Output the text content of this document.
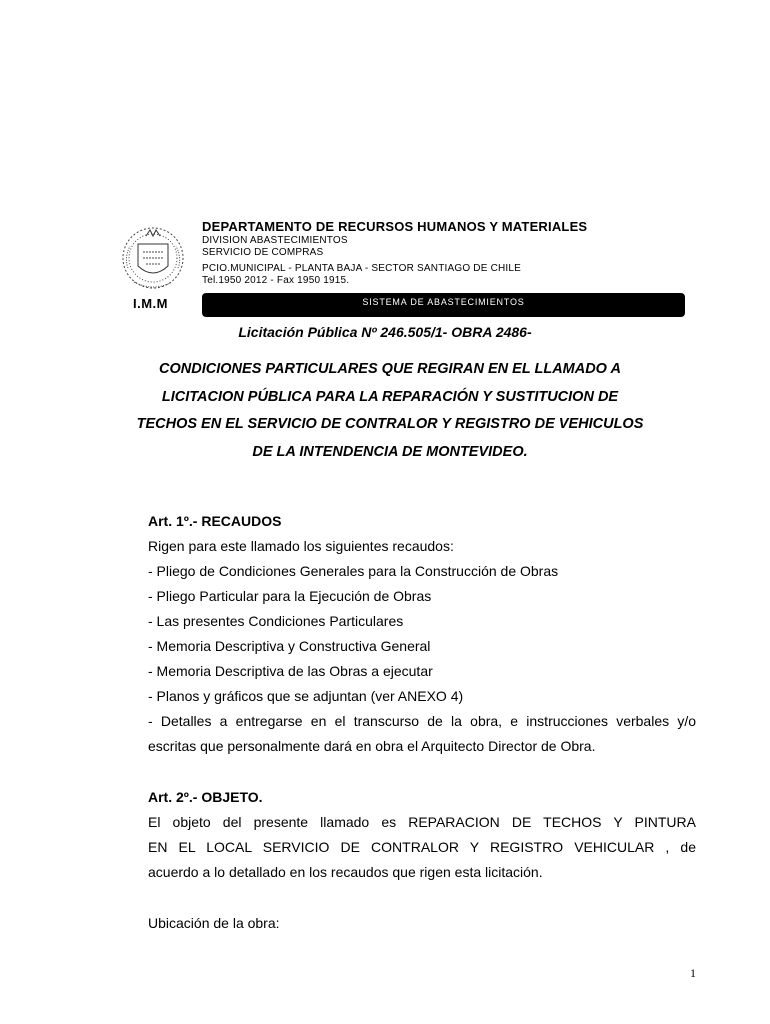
I.M.M
DEPARTAMENTO DE RECURSOS HUMANOS Y MATERIALES
DIVISION ABASTECIMIENTOS
SERVICIO DE COMPRAS
PCIO.MUNICIPAL - PLANTA BAJA - SECTOR SANTIAGO DE CHILE
Tel.1950 2012 - Fax 1950 1915.
SISTEMA DE ABASTECIMIENTOS
Licitación Pública Nº 246.505/1- OBRA 2486-
CONDICIONES PARTICULARES QUE REGIRAN EN EL LLAMADO A
LICITACION PÚBLICA PARA LA REPARACIÓN Y SUSTITUCION DE
TECHOS EN EL SERVICIO DE CONTRALOR Y REGISTRO DE VEHICULOS
DE LA INTENDENCIA DE MONTEVIDEO.
Art. 1º.- RECAUDOS
Rigen para este llamado los siguientes recaudos:
- Pliego de Condiciones Generales para la Construcción de Obras
- Pliego Particular para la Ejecución de Obras
- Las presentes Condiciones Particulares
- Memoria Descriptiva y Constructiva General
- Memoria Descriptiva de las Obras a ejecutar
- Planos y gráficos que se adjuntan (ver ANEXO 4)
- Detalles a entregarse en el transcurso de la obra, e instrucciones verbales y/o
escritas que personalmente dará en obra el Arquitecto Director de Obra.
Art. 2º.- OBJETO.
El objeto del presente llamado es REPARACION DE TECHOS Y PINTURA
EN EL LOCAL SERVICIO DE CONTRALOR Y REGISTRO VEHICULAR , de
acuerdo a lo detallado en los recaudos que rigen esta licitación.
Ubicación de la obra:
1
